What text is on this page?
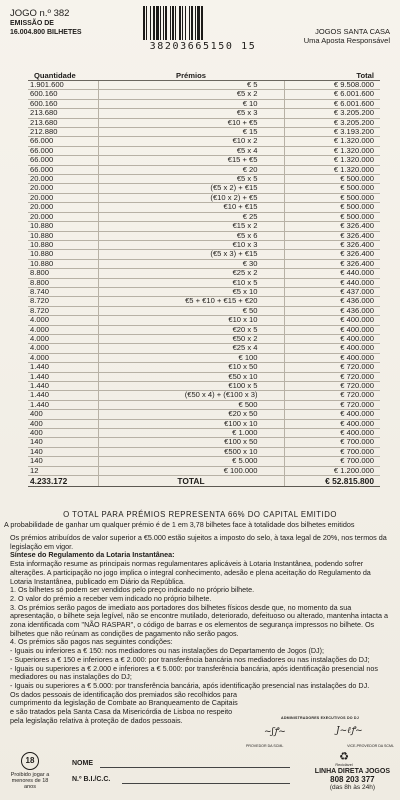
JOGO n.º 382
EMISSÃO DE
16.004.800 BILHETES
38203665150 15
JOGOS SANTA CASA
Uma Aposta Responsável
Quantidade	Prémios	Total
1.901.600	€ 5	€ 9.508.000
600.160	€5 x 2	€ 6.001.600
600.160	€ 10	€ 6.001.600
213.680	€5 x 3	€ 3.205.200
213.680	€10 + €5	€ 3.205.200
212.880	€ 15	€ 3.193.200
66.000	€10 x 2	€ 1.320.000
66.000	€5 x 4	€ 1.320.000
66.000	€15 + €5	€ 1.320.000
66.000	€ 20	€ 1.320.000
20.000	€5 x 5	€ 500.000
20.000	(€5 x 2) + €15	€ 500.000
20.000	(€10 x 2) + €5	€ 500.000
20.000	€10 + €15	€ 500.000
20.000	€ 25	€ 500.000
10.880	€15 x 2	€ 326.400
10.880	€5 x 6	€ 326.400
10.880	€10 x 3	€ 326.400
10.880	(€5 x 3) + €15	€ 326.400
10.880	€ 30	€ 326.400
8.800	€25 x 2	€ 440.000
8.800	€10 x 5	€ 440.000
8.740	€5 x 10	€ 437.000
8.720	€5 + €10 + €15 + €20	€ 436.000
8.720	€ 50	€ 436.000
4.000	€10 x 10	€ 400.000
4.000	€20 x 5	€ 400.000
4.000	€50 x 2	€ 400.000
4.000	€25 x 4	€ 400.000
4.000	€ 100	€ 400.000
1.440	€10 x 50	€ 720.000
1.440	€50 x 10	€ 720.000
1.440	€100 x 5	€ 720.000
1.440	(€50 x 4) + (€100 x 3)	€ 720.000
1.440	€ 500	€ 720.000
400	€20 x 50	€ 400.000
400	€100 x 10	€ 400.000
400	€ 1.000	€ 400.000
140	€100 x 50	€ 700.000
140	€500 x 10	€ 700.000
140	€ 5.000	€ 700.000
12	€ 100.000	€ 1.200.000
4.233.172	TOTAL	€ 52.815.800
O TOTAL PARA PRÉMIOS REPRESENTA 66% DO CAPITAL EMITIDO
A probabilidade de ganhar um qualquer prémio é de 1 em 3,78 bilhetes face à totalidade dos bilhetes emitidos

Os prémios atribuídos de valor superior a €5.000 estão sujeitos a imposto do selo, à taxa legal de 20%, nos termos da legislação em vigor.

Síntese do Regulamento da Lotaria Instantânea:

Esta informação resume as principais normas regulamentares aplicáveis à Lotaria Instantânea, podendo sofrer alterações. A participação no jogo implica o integral conhecimento, adesão e plena aceitação do Regulamento da Lotaria Instantânea, publicado em Diário da República.

1. Os bilhetes só podem ser vendidos pelo preço indicado no próprio bilhete.

2. O valor do prémio a receber vem indicado no próprio bilhete.

3. Os prémios serão pagos de imediato aos portadores dos bilhetes físicos desde que, no momento da sua apresentação, o bilhete seja legível, não se encontre mutilado, deteriorado, defeituoso ou alterado, mantenha intacta a zona identificada com "NÃO RASPAR", o código de barras e os elementos de segurança impressos no bilhete. Os bilhetes que não reúnam as condições de pagamento não serão pagos.

4. Os prémios são pagos nas seguintes condições:

- Iguais ou inferiores a € 150: nos mediadores ou nas instalações do Departamento de Jogos (DJ);

- Superiores a € 150 e inferiores a € 2.000: por transferência bancária nos mediadores ou nas instalações do DJ;

- Iguais ou superiores a € 2.000 e inferiores a € 5.000: por transferência bancária, após identificação presencial nos mediadores ou nas instalações do DJ;

- Iguais ou superiores a € 5.000: por transferência bancária, após identificação presencial nas instalações do DJ.

Os dados pessoais de identificação dos premiados são recolhidos para cumprimento da legislação de Combate ao Branqueamento de Capitais e são tratados pela Santa Casa da Misericórdia de Lisboa no respeito pela legislação relativa à proteção de dados pessoais.	ADMINISTRADORES EXECUTIVOS DO DJ
~ʃꝭ~	J~ℓꝭ~
PROVEDOR DA SCML	VICE-PROVEDOR DA SCML
18
Proibido jogar a
menores de 18 anos
NOME
N.º B.I./C.C.
♻
Reciclável
LINHA DIRETA JOGOS
808 203 377
(das 8h às 24h)
